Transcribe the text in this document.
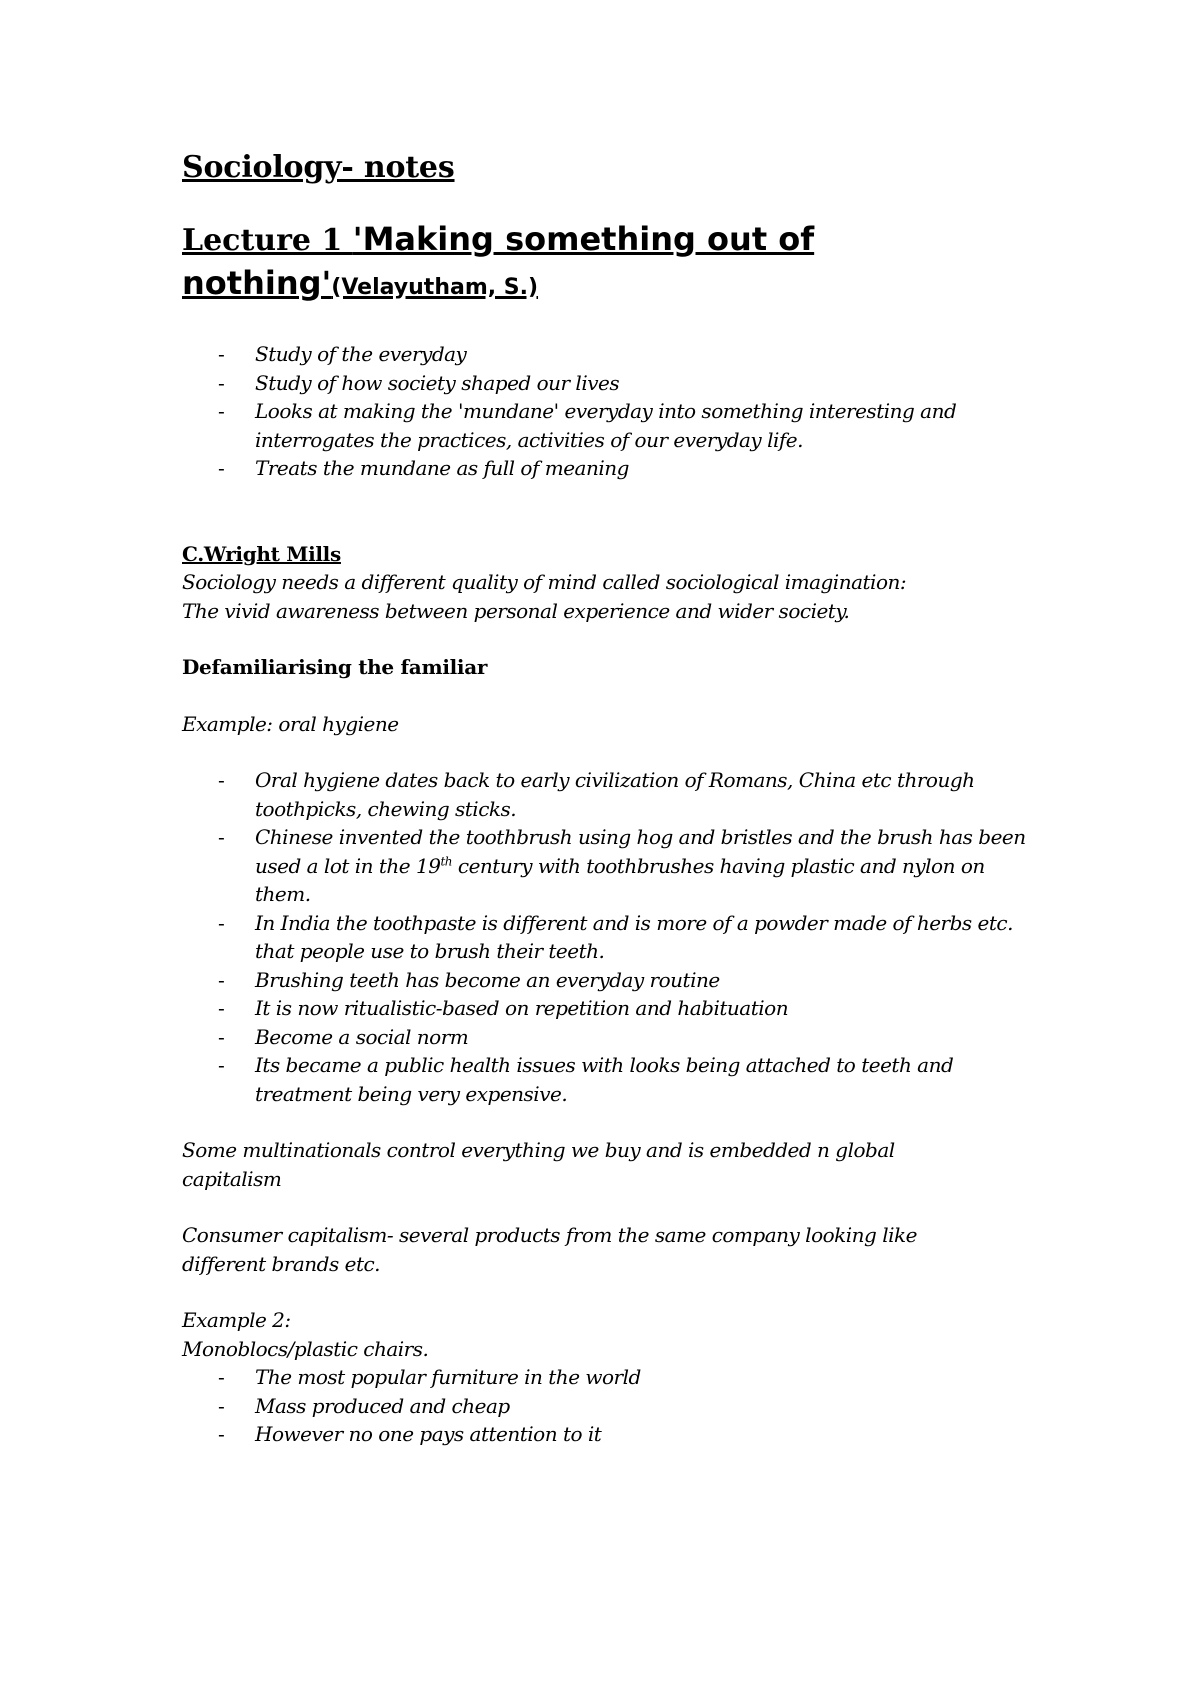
Sociology- notes
Lecture 1 'Making something out of nothing'(Velayutham, S.)
- Study of the everyday
- Study of how society shaped our lives
- Looks at making the 'mundane' everyday into something interesting and interrogates the practices, activities of our everyday life.
- Treats the mundane as full of meaning

C.Wright Mills

Sociology needs a different quality of mind called sociological imagination:

The vivid awareness between personal experience and wider society.

Defamiliarising the familiar

Example: oral hygiene

- Oral hygiene dates back to early civilization of Romans, China etc through toothpicks, chewing sticks.
- Chinese invented the toothbrush using hog and bristles and the brush has been used a lot in the 19th century with toothbrushes having plastic and nylon on them.
- In India the toothpaste is different and is more of a powder made of herbs etc. that people use to brush their teeth.
- Brushing teeth has become an everyday routine
- It is now ritualistic-based on repetition and habituation
- Become a social norm
- Its became a public health issues with looks being attached to teeth and treatment being very expensive.

Some multinationals control everything we buy and is embedded n global capitalism

Consumer capitalism- several products from the same company looking like different brands etc.

Example 2:

Monoblocs/plastic chairs.

- The most popular furniture in the world
- Mass produced and cheap
- However no one pays attention to it
